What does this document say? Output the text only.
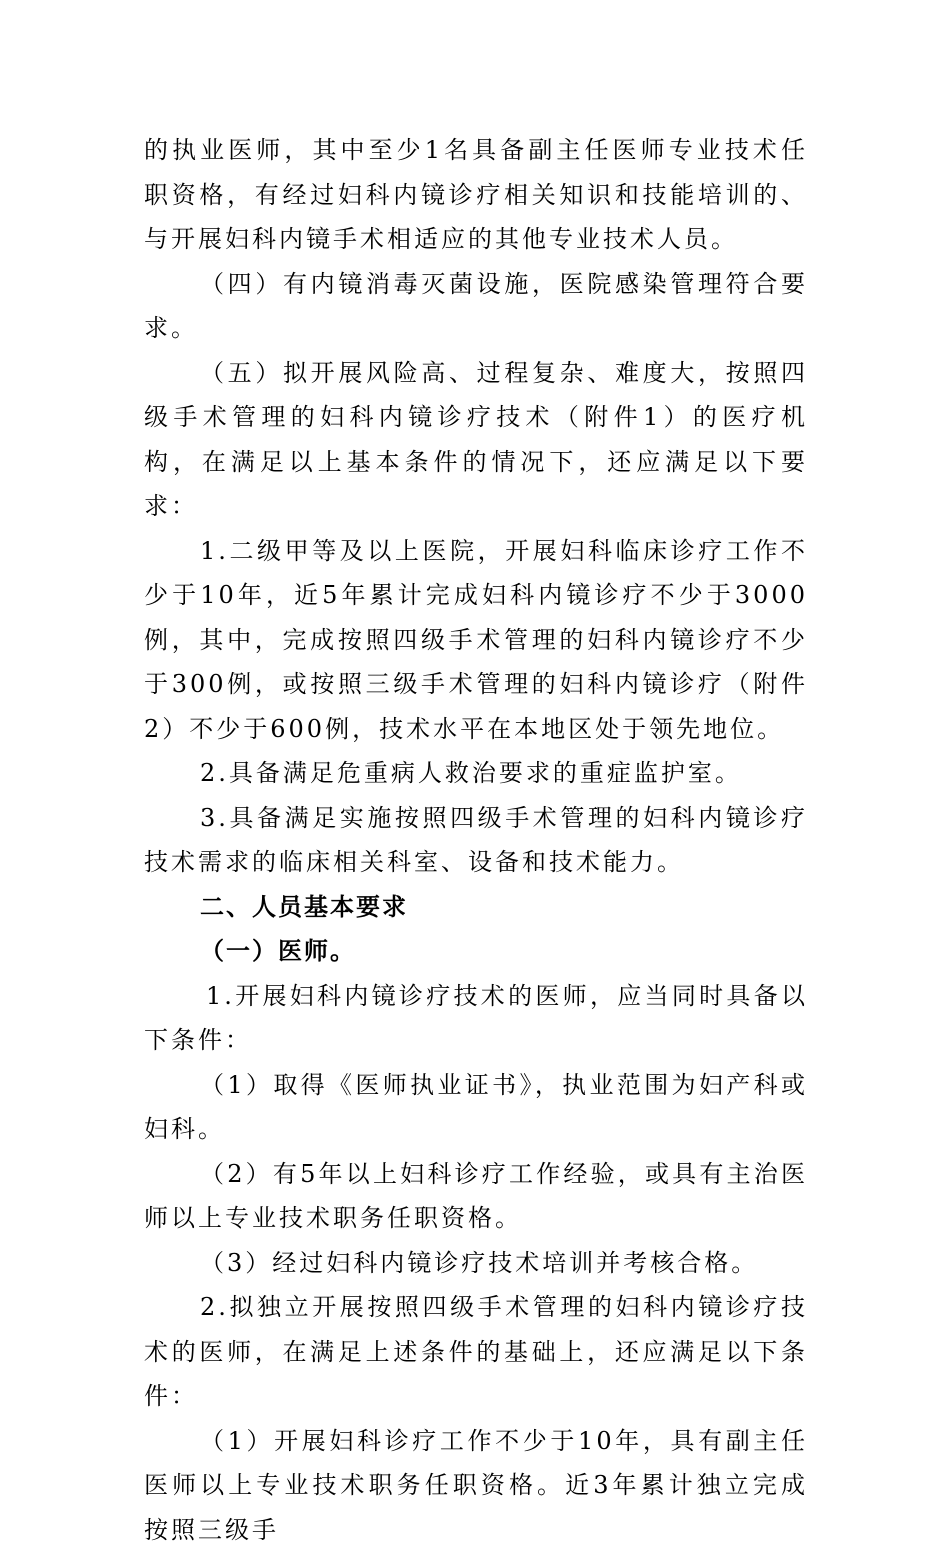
的执业医师，其中至少1名具备副主任医师专业技术任职资格，有经过妇科内镜诊疗相关知识和技能培训的、与开展妇科内镜手术相适应的其他专业技术人员。

（四）有内镜消毒灭菌设施，医院感染管理符合要求。

（五）拟开展风险高、过程复杂、难度大，按照四级手术管理的妇科内镜诊疗技术（附件1）的医疗机构，在满足以上基本条件的情况下，还应满足以下要求：

1.二级甲等及以上医院，开展妇科临床诊疗工作不少于10年，近5年累计完成妇科内镜诊疗不少于3000例，其中，完成按照四级手术管理的妇科内镜诊疗不少于300例，或按照三级手术管理的妇科内镜诊疗（附件2）不少于600例，技术水平在本地区处于领先地位。

2.具备满足危重病人救治要求的重症监护室。

3.具备满足实施按照四级手术管理的妇科内镜诊疗技术需求的临床相关科室、设备和技术能力。

二、人员基本要求

（一）医师。

1.开展妇科内镜诊疗技术的医师，应当同时具备以下条件：

（1）取得《医师执业证书》，执业范围为妇产科或妇科。

（2）有5年以上妇科诊疗工作经验，或具有主治医师以上专业技术职务任职资格。

（3）经过妇科内镜诊疗技术培训并考核合格。

2.拟独立开展按照四级手术管理的妇科内镜诊疗技术的医师，在满足上述条件的基础上，还应满足以下条件：

（1）开展妇科诊疗工作不少于10年，具有副主任医师以上专业技术职务任职资格。近3年累计独立完成按照三级手
